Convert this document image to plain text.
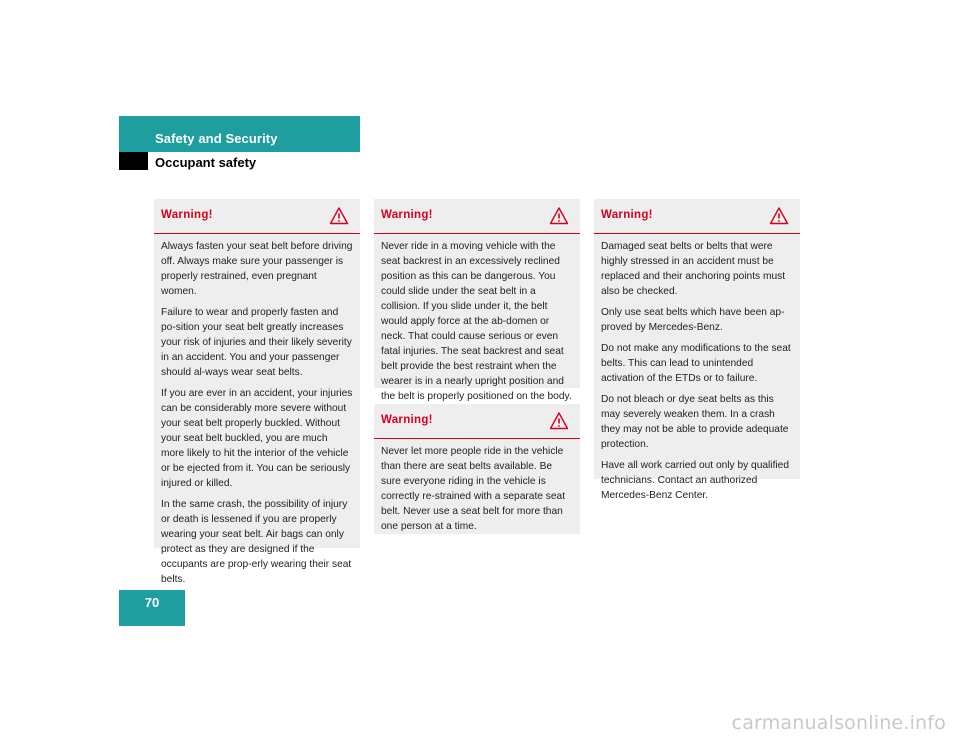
Safety and Security
Occupant safety
Warning!

Always fasten your seat belt before driving off. Always make sure your passenger is properly restrained, even pregnant women.

Failure to wear and properly fasten and po-sition your seat belt greatly increases your risk of injuries and their likely severity in an accident. You and your passenger should al-ways wear seat belts.

If you are ever in an accident, your injuries can be considerably more severe without your seat belt properly buckled. Without your seat belt buckled, you are much more likely to hit the interior of the vehicle or be ejected from it. You can be seriously injured or killed.

In the same crash, the possibility of injury or death is lessened if you are properly wearing your seat belt. Air bags can only protect as they are designed if the occupants are prop-erly wearing their seat belts.

Warning!

Never ride in a moving vehicle with the seat backrest in an excessively reclined position as this can be dangerous. You could slide under the seat belt in a collision. If you slide under it, the belt would apply force at the ab-domen or neck. That could cause serious or even fatal injuries. The seat backrest and seat belt provide the best restraint when the wearer is in a nearly upright position and the belt is properly positioned on the body.

Warning!

Never let more people ride in the vehicle than there are seat belts available. Be sure everyone riding in the vehicle is correctly re-strained with a separate seat belt. Never use a seat belt for more than one person at a time.

Warning!

Damaged seat belts or belts that were highly stressed in an accident must be replaced and their anchoring points must also be checked.

Only use seat belts which have been ap-proved by Mercedes-Benz.

Do not make any modifications to the seat belts. This can lead to unintended activation of the ETDs or to failure.

Do not bleach or dye seat belts as this may severely weaken them. In a crash they may not be able to provide adequate protection.

Have all work carried out only by qualified technicians. Contact an authorized Mercedes-Benz Center.

70
carmanualsonline.info
